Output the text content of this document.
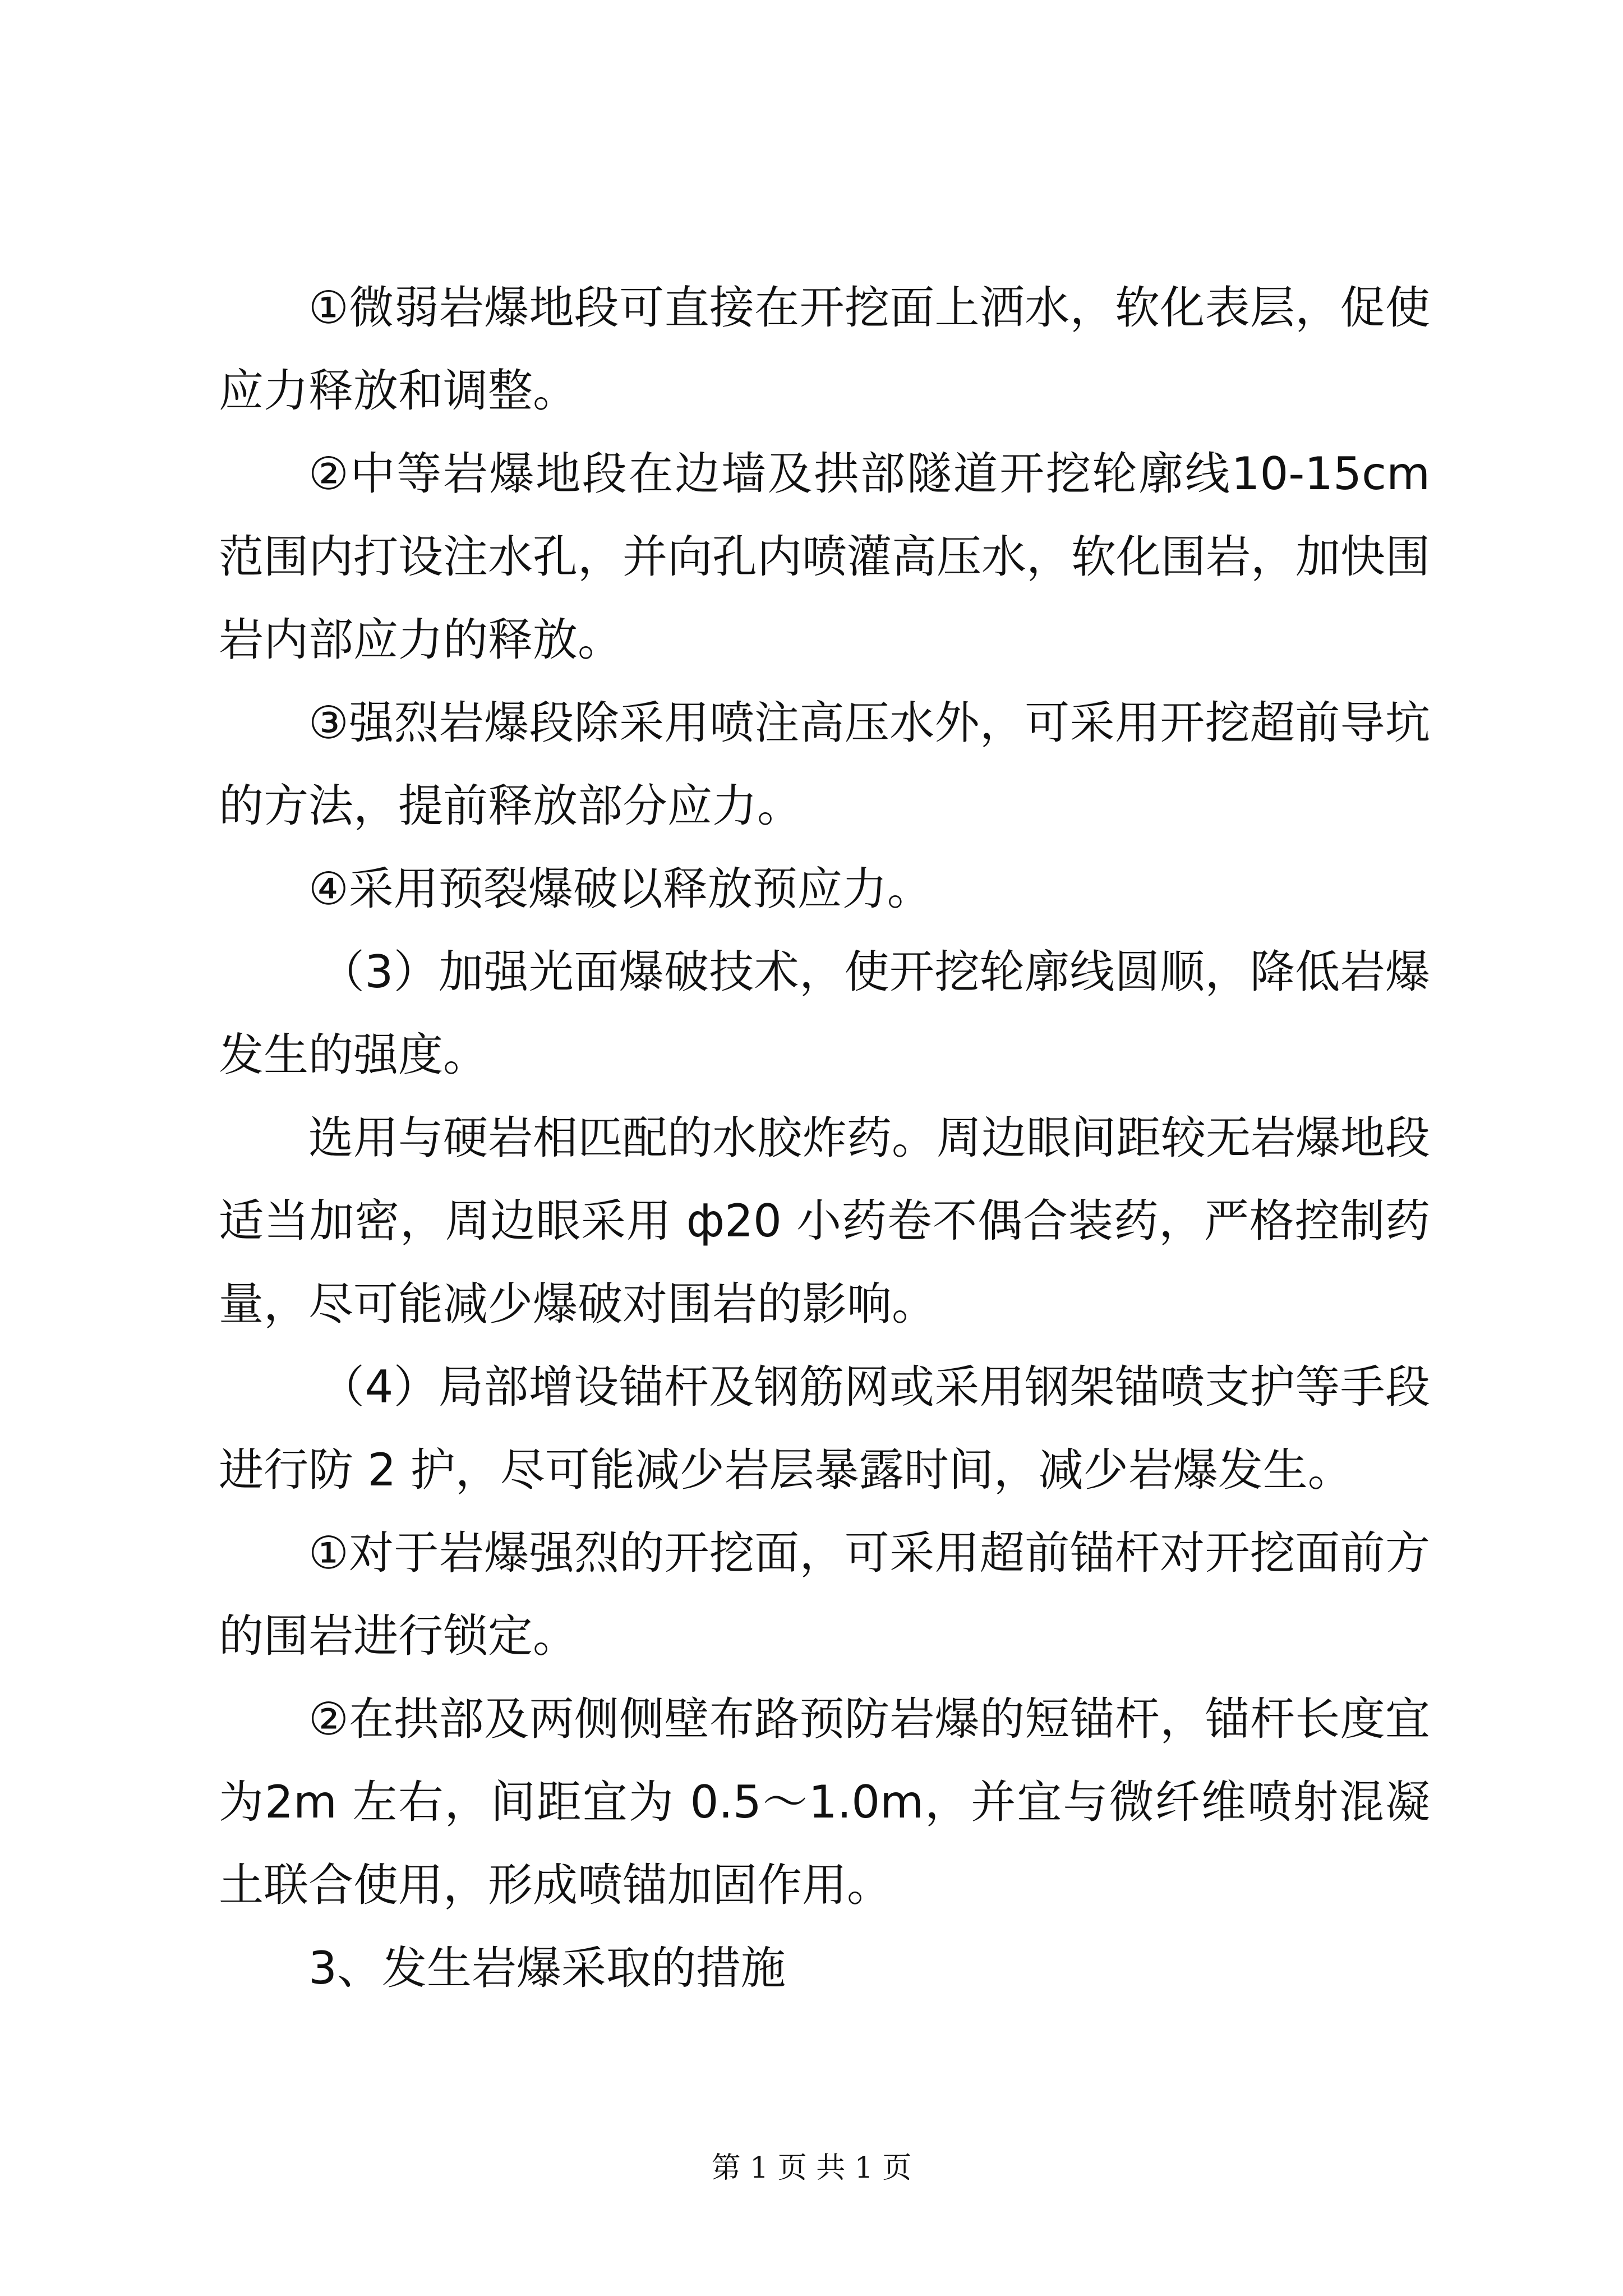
①微弱岩爆地段可直接在开挖面上洒水，软化表层，促使应力释放和调整。

②中等岩爆地段在边墙及拱部隧道开挖轮廓线10-15cm范围内打设注水孔，并向孔内喷灌高压水，软化围岩，加快围岩内部应力的释放。

③强烈岩爆段除采用喷注高压水外，可采用开挖超前导坑的方法，提前释放部分应力。

④采用预裂爆破以释放预应力。

（3）加强光面爆破技术，使开挖轮廓线圆顺，降低岩爆发生的强度。

选用与硬岩相匹配的水胶炸药。周边眼间距较无岩爆地段适当加密，周边眼采用 ф20 小药卷不偶合装药，严格控制药量，尽可能减少爆破对围岩的影响。

（4）局部增设锚杆及钢筋网或采用钢架锚喷支护等手段进行防 2 护，尽可能减少岩层暴露时间，减少岩爆发生。

①对于岩爆强烈的开挖面，可采用超前锚杆对开挖面前方的围岩进行锁定。

②在拱部及两侧侧壁布路预防岩爆的短锚杆，锚杆长度宜为2m 左右，间距宜为 0.5～1.0m，并宜与微纤维喷射混凝土联合使用，形成喷锚加固作用。

3、发生岩爆采取的措施

第 1 页 共 1 页
